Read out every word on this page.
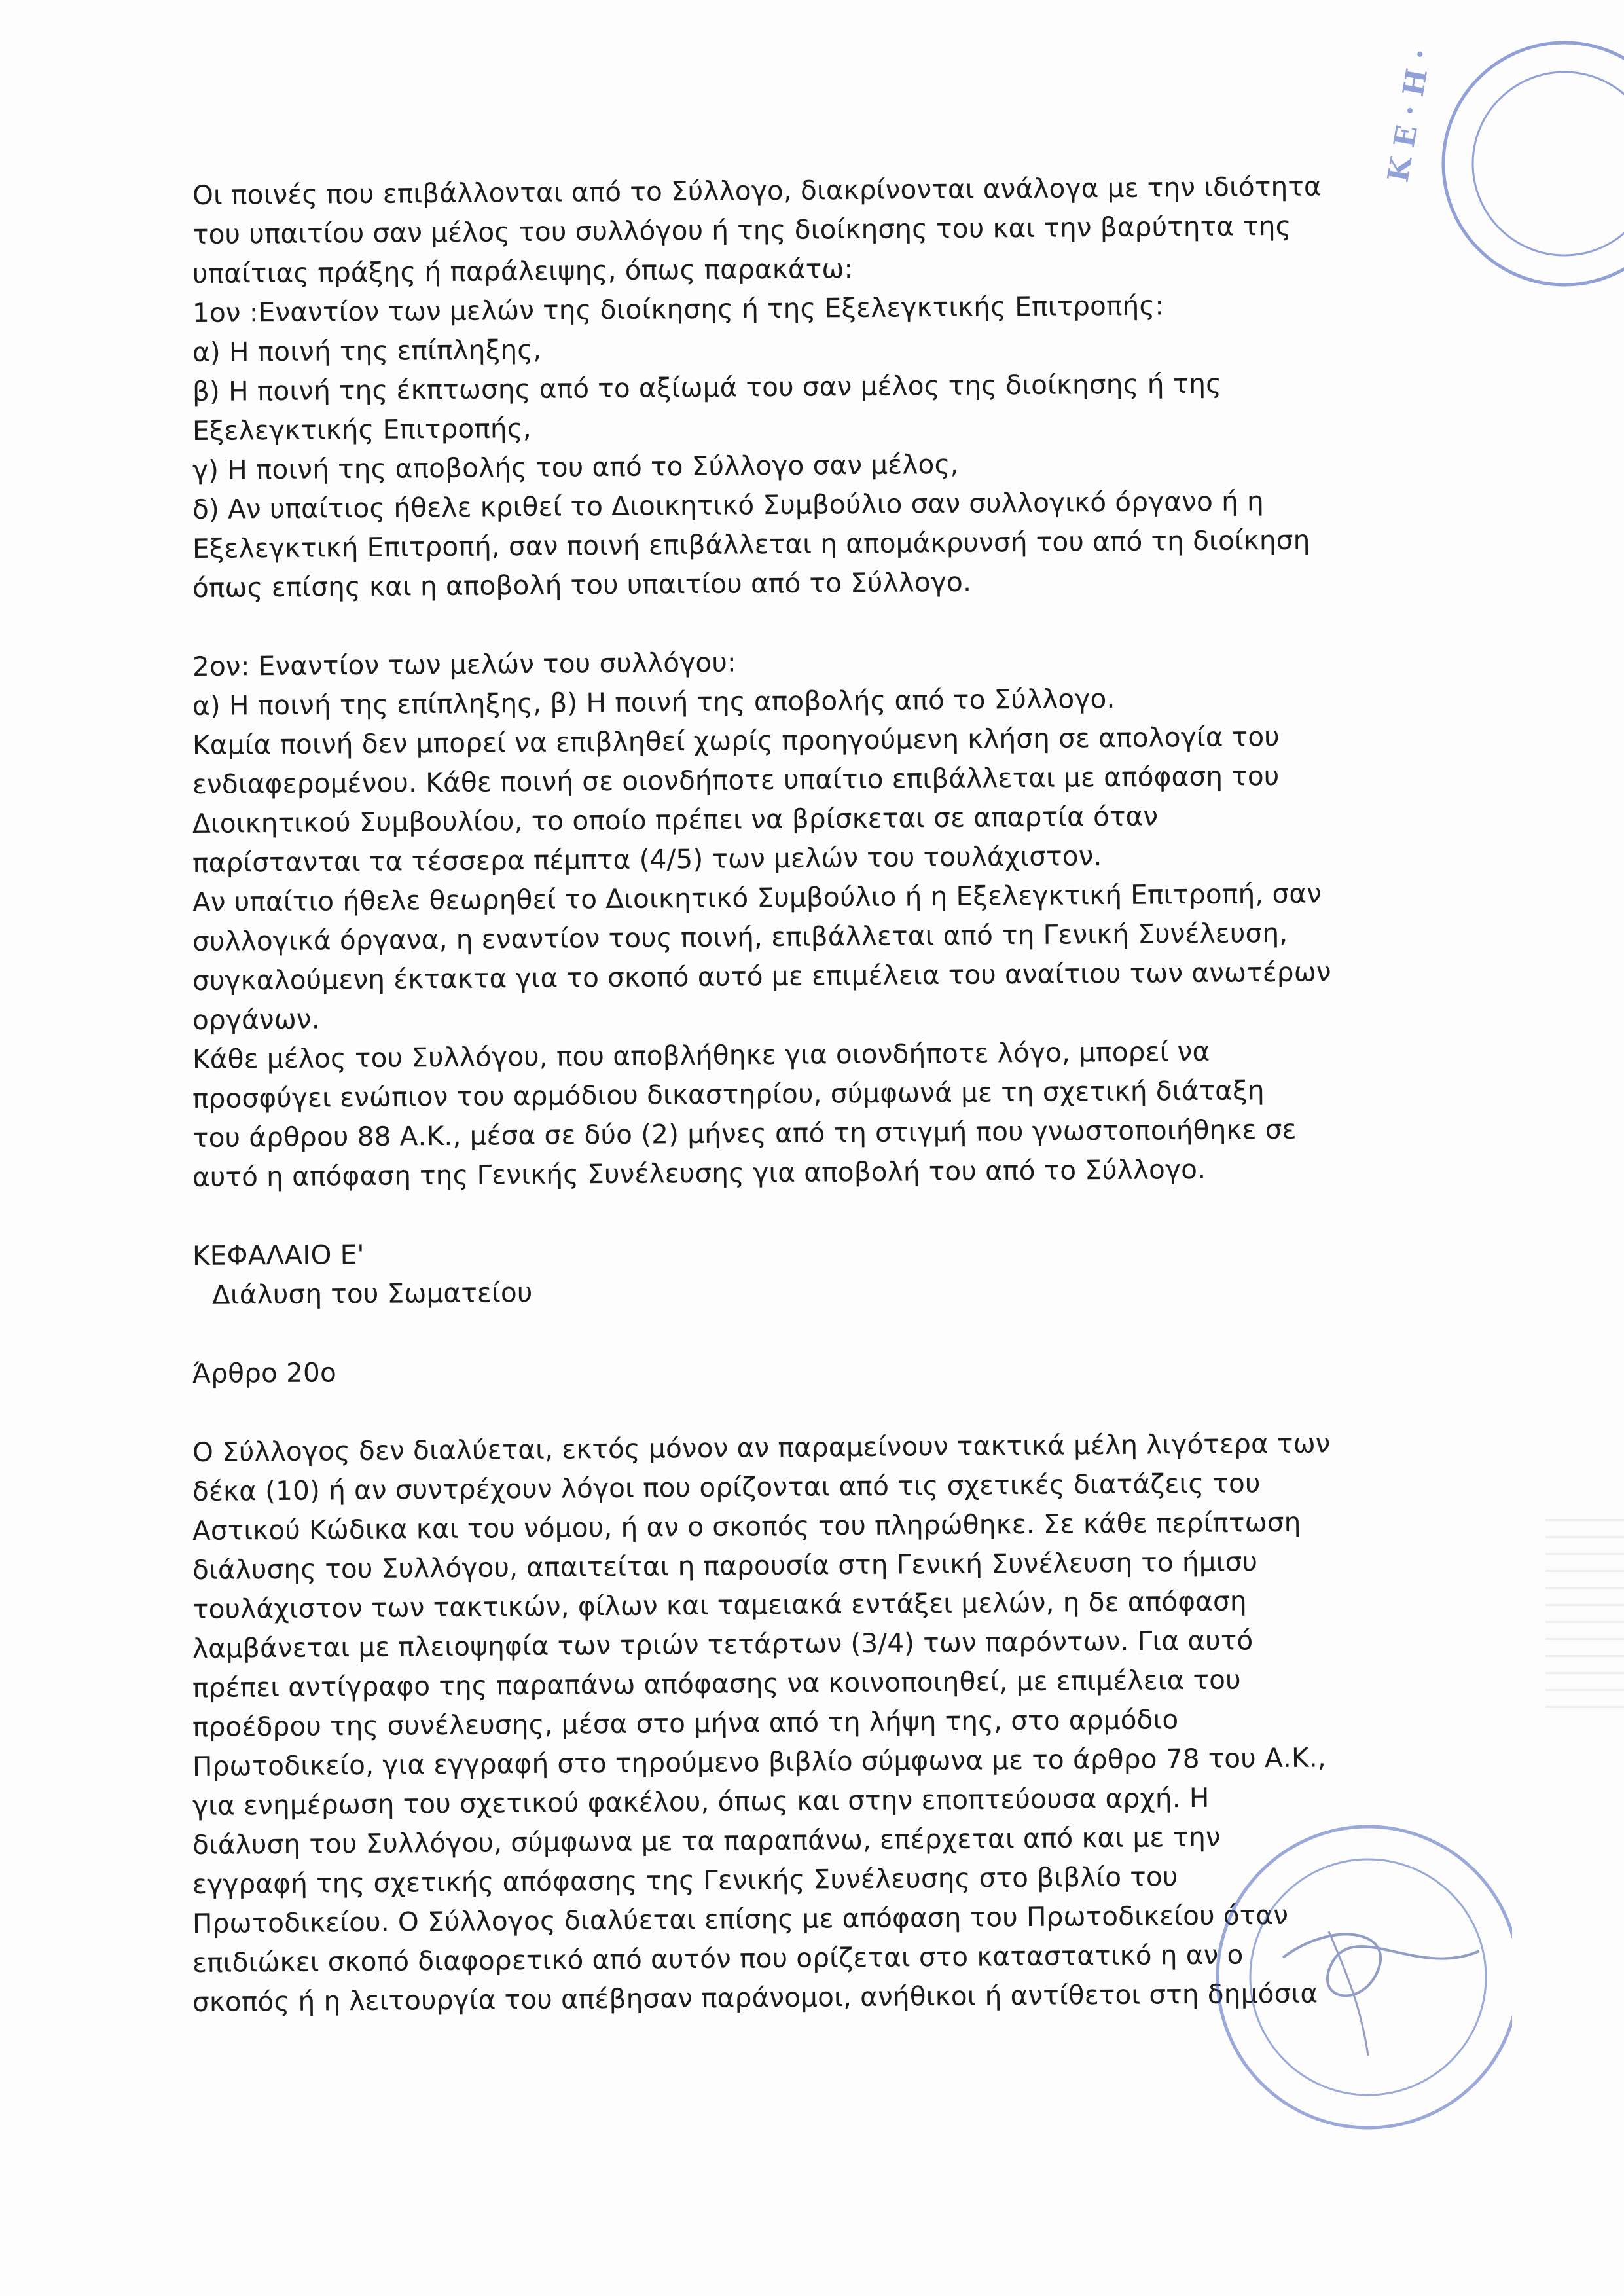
Οι ποινές που επιβάλλονται από το Σύλλογο, διακρίνονται ανάλογα με την ιδιότητα
του υπαιτίου σαν μέλος του συλλόγου ή της διοίκησης του και την βαρύτητα της
υπαίτιας πράξης ή παράλειψης, όπως παρακάτω:
1ον :Εναντίον των μελών της διοίκησης ή της Εξελεγκτικής Επιτροπής:
α) Η ποινή της επίπληξης,
β) Η ποινή της έκπτωσης από το αξίωμά του σαν μέλος της διοίκησης ή της
Εξελεγκτικής Επιτροπής,
γ) Η ποινή της αποβολής του από το Σύλλογο σαν μέλος,
δ) Αν υπαίτιος ήθελε κριθεί το Διοικητικό Συμβούλιο σαν συλλογικό όργανο ή η
Εξελεγκτική Επιτροπή, σαν ποινή επιβάλλεται η απομάκρυνσή του από τη διοίκηση
όπως επίσης και η αποβολή του υπαιτίου από το Σύλλογο.
2ον: Εναντίον των μελών του συλλόγου:
α) Η ποινή της επίπληξης, β) Η ποινή της αποβολής από το Σύλλογο.
Καμία ποινή δεν μπορεί να επιβληθεί χωρίς προηγούμενη κλήση σε απολογία του
ενδιαφερομένου. Κάθε ποινή σε οιονδήποτε υπαίτιο επιβάλλεται με απόφαση του
Διοικητικού Συμβουλίου, το οποίο πρέπει να βρίσκεται σε απαρτία όταν
παρίστανται τα τέσσερα πέμπτα (4/5) των μελών του τουλάχιστον.
Αν υπαίτιο ήθελε θεωρηθεί το Διοικητικό Συμβούλιο ή η Εξελεγκτική Επιτροπή, σαν
συλλογικά όργανα, η εναντίον τους ποινή, επιβάλλεται από τη Γενική Συνέλευση,
συγκαλούμενη έκτακτα για το σκοπό αυτό με επιμέλεια του αναίτιου των ανωτέρων
οργάνων.
Κάθε μέλος του Συλλόγου, που αποβλήθηκε για οιονδήποτε λόγο, μπορεί να
προσφύγει ενώπιον του αρμόδιου δικαστηρίου, σύμφωνά με τη σχετική διάταξη
του άρθρου 88 Α.Κ., μέσα σε δύο (2) μήνες από τη στιγμή που γνωστοποιήθηκε σε
αυτό η απόφαση της Γενικής Συνέλευσης για αποβολή του από το Σύλλογο.
ΚΕΦΑΛΑΙΟ Ε'
Διάλυση του Σωματείου
Άρθρο 20ο
Ο Σύλλογος δεν διαλύεται, εκτός μόνον αν παραμείνουν τακτικά μέλη λιγότερα των
δέκα (10) ή αν συντρέχουν λόγοι που ορίζονται από τις σχετικές διατάζεις του
Αστικού Κώδικα και του νόμου, ή αν ο σκοπός του πληρώθηκε. Σε κάθε περίπτωση
διάλυσης του Συλλόγου, απαιτείται η παρουσία στη Γενική Συνέλευση το ήμισυ
τουλάχιστον των τακτικών, φίλων και ταμειακά εντάξει μελών, η δε απόφαση
λαμβάνεται με πλειοψηφία των τριών τετάρτων (3/4) των παρόντων. Για αυτό
πρέπει αντίγραφο της παραπάνω απόφασης να κοινοποιηθεί, με επιμέλεια του
προέδρου της συνέλευσης, μέσα στο μήνα από τη λήψη της, στο αρμόδιο
Πρωτοδικείο, για εγγραφή στο τηρούμενο βιβλίο σύμφωνα με το άρθρο 78 του Α.Κ.,
για ενημέρωση του σχετικού φακέλου, όπως και στην εποπτεύουσα αρχή. Η
διάλυση του Συλλόγου, σύμφωνα με τα παραπάνω, επέρχεται από και με την
εγγραφή της σχετικής απόφασης της Γενικής Συνέλευσης στο βιβλίο του
Πρωτοδικείου. Ο Σύλλογος διαλύεται επίσης με απόφαση του Πρωτοδικείου όταν
επιδιώκει σκοπό διαφορετικό από αυτόν που ορίζεται στο καταστατικό η αν ο
σκοπός ή η λειτουργία του απέβησαν παράνομοι, ανήθικοι ή αντίθετοι στη δημόσια
Κ Ε · Η ·
